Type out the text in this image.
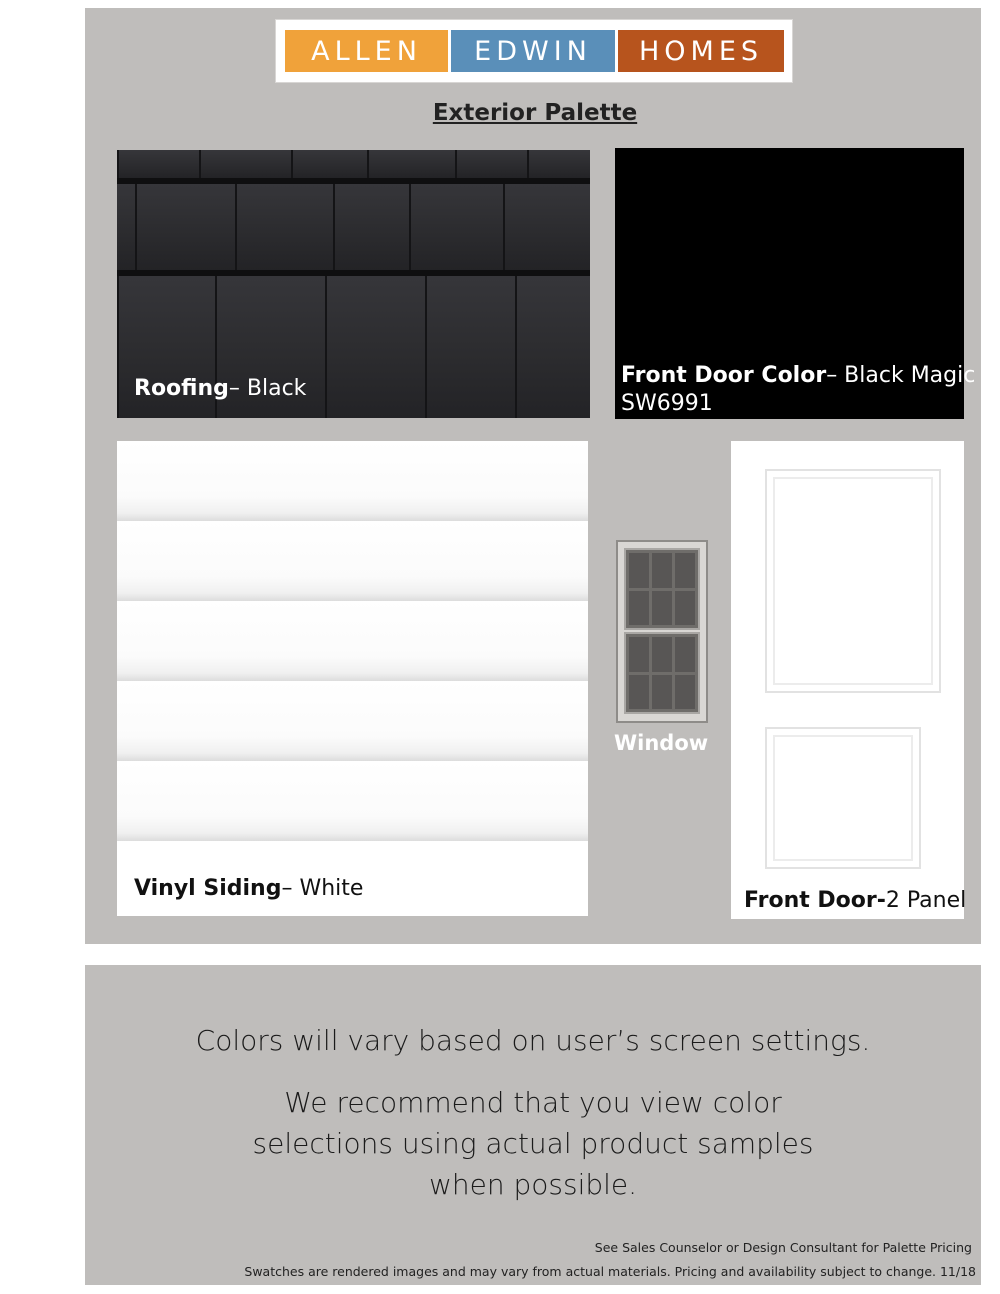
ALLEN	EDWIN	HOMES
Exterior Palette
Roofing– Black
Front Door Color– Black Magic
SW6991
Vinyl Siding– White
Window
Front Door-2 Panel
Colors will vary based on user’s screen settings.
We recommend that you view color selections using actual product samples when possible.
See Sales Counselor or Design Consultant for Palette Pricing
Swatches are rendered images and may vary from actual materials. Pricing and availability subject to change. 11/18
